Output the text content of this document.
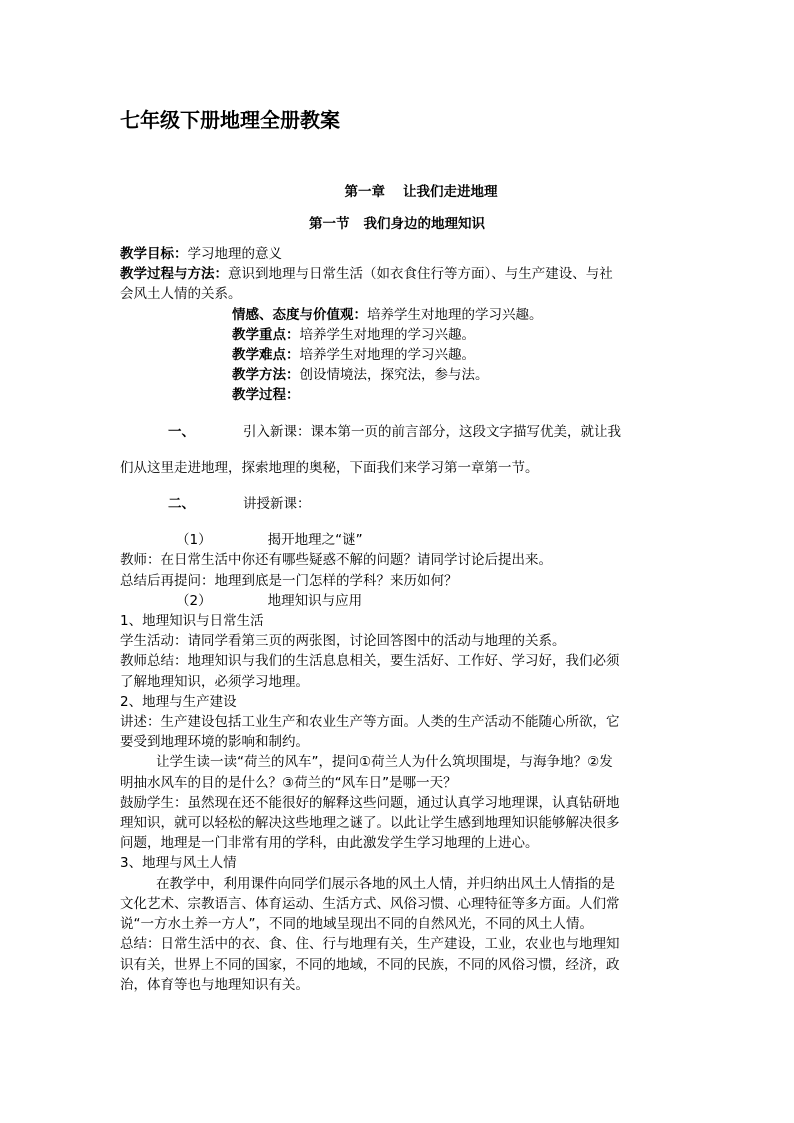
七年级下册地理全册教案
第一章 让我们走进地理
第一节 我们身边的地理知识
教学目标：学习地理的意义
教学过程与方法：意识到地理与日常生活（如衣食住行等方面）、与生产建设、与社
会风土人情的关系。
情感、态度与价值观：培养学生对地理的学习兴趣。
教学重点：培养学生对地理的学习兴趣。
教学难点：培养学生对地理的学习兴趣。
教学方法：创设情境法，探究法，参与法。
教学过程：
一、	引入新课：课本第一页的前言部分，这段文字描写优美，就让我
们从这里走进地理，探索地理的奥秘，下面我们来学习第一章第一节。
二、	讲授新课：
（1）	揭开地理之“谜”
教师：在日常生活中你还有哪些疑惑不解的问题？请同学讨论后提出来。
总结后再提问：地理到底是一门怎样的学科？来历如何？
（2）	地理知识与应用
1、地理知识与日常生活
学生活动：请同学看第三页的两张图，讨论回答图中的活动与地理的关系。
教师总结：地理知识与我们的生活息息相关，要生活好、工作好、学习好，我们必须
了解地理知识，必须学习地理。
2、地理与生产建设
讲述：生产建设包括工业生产和农业生产等方面。人类的生产活动不能随心所欲，它
要受到地理环境的影响和制约。
让学生读一读“荷兰的风车”，提问①荷兰人为什么筑坝围堤，与海争地？②发
明抽水风车的目的是什么？③荷兰的“风车日”是哪一天？
鼓励学生：虽然现在还不能很好的解释这些问题，通过认真学习地理课，认真钻研地
理知识，就可以轻松的解决这些地理之谜了。以此让学生感到地理知识能够解决很多
问题，地理是一门非常有用的学科，由此激发学生学习地理的上进心。
3、地理与风土人情
在教学中，利用课件向同学们展示各地的风土人情，并归纳出风土人情指的是
文化艺术、宗教语言、体育运动、生活方式、风俗习惯、心理特征等多方面。人们常
说“一方水土养一方人”，不同的地域呈现出不同的自然风光，不同的风土人情。
总结：日常生活中的衣、食、住、行与地理有关，生产建设，工业，农业也与地理知
识有关，世界上不同的国家，不同的地域，不同的民族，不同的风俗习惯，经济，政
治，体育等也与地理知识有关。
